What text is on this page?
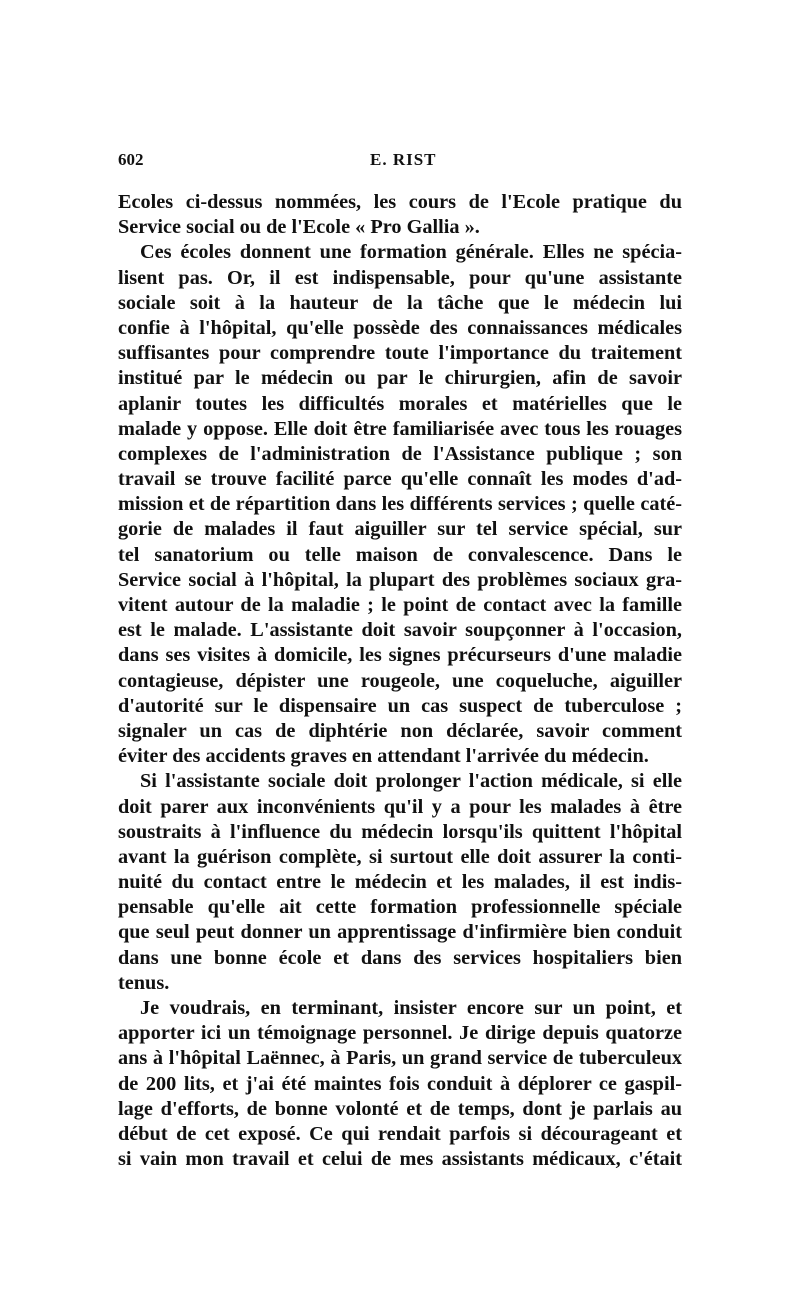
602	E. RIST
Ecoles ci-dessus nommées, les cours de l'Ecole pratique du
Service social ou de l'Ecole « Pro Gallia ».
Ces écoles donnent une formation générale. Elles ne spécia-
lisent pas. Or, il est indispensable, pour qu'une assistante
sociale soit à la hauteur de la tâche que le médecin lui
confie à l'hôpital, qu'elle possède des connaissances médicales
suffisantes pour comprendre toute l'importance du traitement
institué par le médecin ou par le chirurgien, afin de savoir
aplanir toutes les difficultés morales et matérielles que le
malade y oppose. Elle doit être familiarisée avec tous les rouages
complexes de l'administration de l'Assistance publique ; son
travail se trouve facilité parce qu'elle connaît les modes d'ad-
mission et de répartition dans les différents services ; quelle caté-
gorie de malades il faut aiguiller sur tel service spécial, sur
tel sanatorium ou telle maison de convalescence. Dans le
Service social à l'hôpital, la plupart des problèmes sociaux gra-
vitent autour de la maladie ; le point de contact avec la famille
est le malade. L'assistante doit savoir soupçonner à l'occasion,
dans ses visites à domicile, les signes précurseurs d'une maladie
contagieuse, dépister une rougeole, une coqueluche, aiguiller
d'autorité sur le dispensaire un cas suspect de tuberculose ;
signaler un cas de diphtérie non déclarée, savoir comment
éviter des accidents graves en attendant l'arrivée du médecin.
Si l'assistante sociale doit prolonger l'action médicale, si elle
doit parer aux inconvénients qu'il y a pour les malades à être
soustraits à l'influence du médecin lorsqu'ils quittent l'hôpital
avant la guérison complète, si surtout elle doit assurer la conti-
nuité du contact entre le médecin et les malades, il est indis-
pensable qu'elle ait cette formation professionnelle spéciale
que seul peut donner un apprentissage d'infirmière bien conduit
dans une bonne école et dans des services hospitaliers bien
tenus.
Je voudrais, en terminant, insister encore sur un point, et
apporter ici un témoignage personnel. Je dirige depuis quatorze
ans à l'hôpital Laënnec, à Paris, un grand service de tuberculeux
de 200 lits, et j'ai été maintes fois conduit à déplorer ce gaspil-
lage d'efforts, de bonne volonté et de temps, dont je parlais au
début de cet exposé. Ce qui rendait parfois si décourageant et
si vain mon travail et celui de mes assistants médicaux, c'était
